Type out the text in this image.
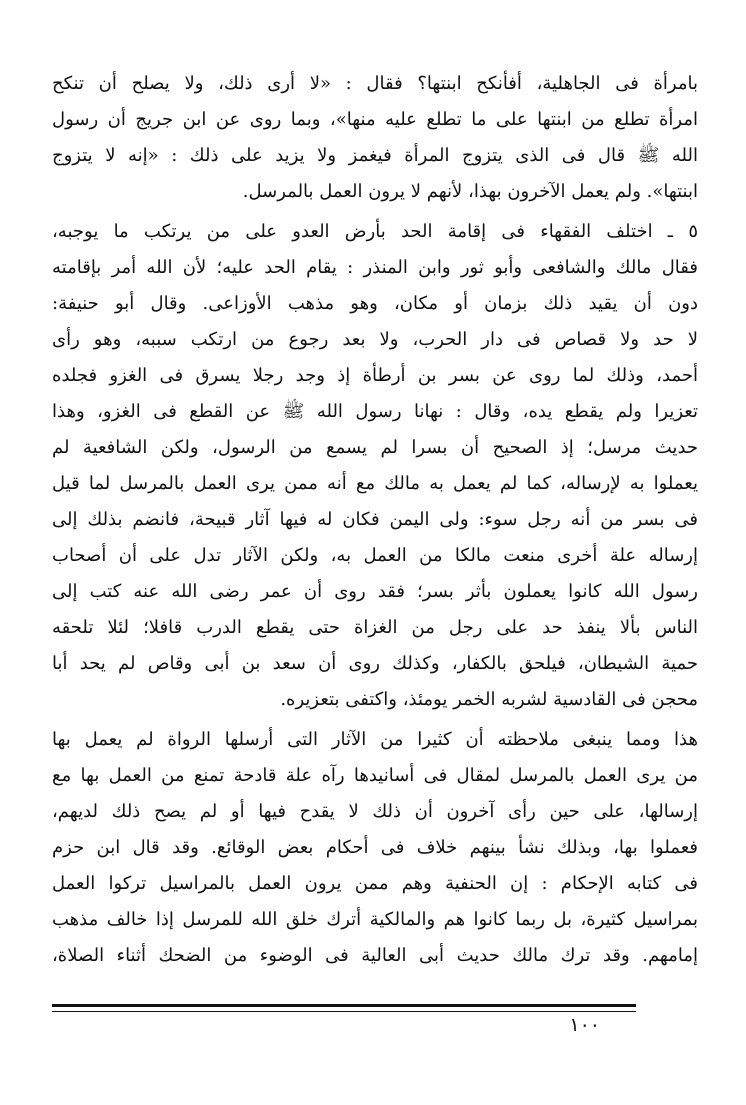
بامرأة فى الجاهلية، أفأنكح ابنتها؟ فقال : «لا أرى ذلك، ولا يصلح أن تنكح
امرأة تطلع من ابنتها على ما تطلع عليه منها»، وبما روى عن ابن جريج أن رسول
الله ﷺ قال فى الذى يتزوج المرأة فيغمز ولا يزيد على ذلك : «إنه لا يتزوج
ابنتها». ولم يعمل الآخرون بهذا، لأنهم لا يرون العمل بالمرسل.
٥ ـ اختلف الفقهاء فى إقامة الحد بأرض العدو على من يرتكب ما يوجبه،
فقال مالك والشافعى وأبو ثور وابن المنذر : يقام الحد عليه؛ لأن الله أمر بإقامته
دون أن يقيد ذلك بزمان أو مكان، وهو مذهب الأوزاعى. وقال أبو حنيفة:
لا حد ولا قصاص فى دار الحرب، ولا بعد رجوع من ارتكب سببه، وهو رأى
أحمد، وذلك لما روى عن بسر بن أرطأة إذ وجد رجلا يسرق فى الغزو فجلده
تعزيرا ولم يقطع يده، وقال : نهانا رسول الله ﷺ عن القطع فى الغزو، وهذا
حديث مرسل؛ إذ الصحيح أن بسرا لم يسمع من الرسول، ولكن الشافعية لم
يعملوا به لإرساله، كما لم يعمل به مالك مع أنه ممن يرى العمل بالمرسل لما قيل
فى بسر من أنه رجل سوء: ولى اليمن فكان له فيها آثار قبيحة، فانضم بذلك إلى
إرساله علة أخرى منعت مالكا من العمل به، ولكن الآثار تدل على أن أصحاب
رسول الله كانوا يعملون بأثر بسر؛ فقد روى أن عمر رضى الله عنه كتب إلى
الناس بألا ينفذ حد على رجل من الغزاة حتى يقطع الدرب قافلا؛ لئلا تلحقه
حمية الشيطان، فيلحق بالكفار، وكذلك روى أن سعد بن أبى وقاص لم يحد أبا
محجن فى القادسية لشربه الخمر يومئذ، واكتفى بتعزيره.
هذا ومما ينبغى ملاحظته أن كثيرا من الآثار التى أرسلها الرواة لم يعمل بها
من يرى العمل بالمرسل لمقال فى أسانيدها رآه علة قادحة تمنع من العمل بها مع
إرسالها، على حين رأى آخرون أن ذلك لا يقدح فيها أو لم يصح ذلك لديهم،
فعملوا بها، وبذلك نشأ بينهم خلاف فى أحكام بعض الوقائع. وقد قال ابن حزم
فى كتابه الإحكام : إن الحنفية وهم ممن يرون العمل بالمراسيل تركوا العمل
بمراسيل كثيرة، بل ربما كانوا هم والمالكية أترك خلق الله للمرسل إذا خالف مذهب
إمامهم. وقد ترك مالك حديث أبى العالية فى الوضوء من الضحك أثناء الصلاة،
١٠٠
